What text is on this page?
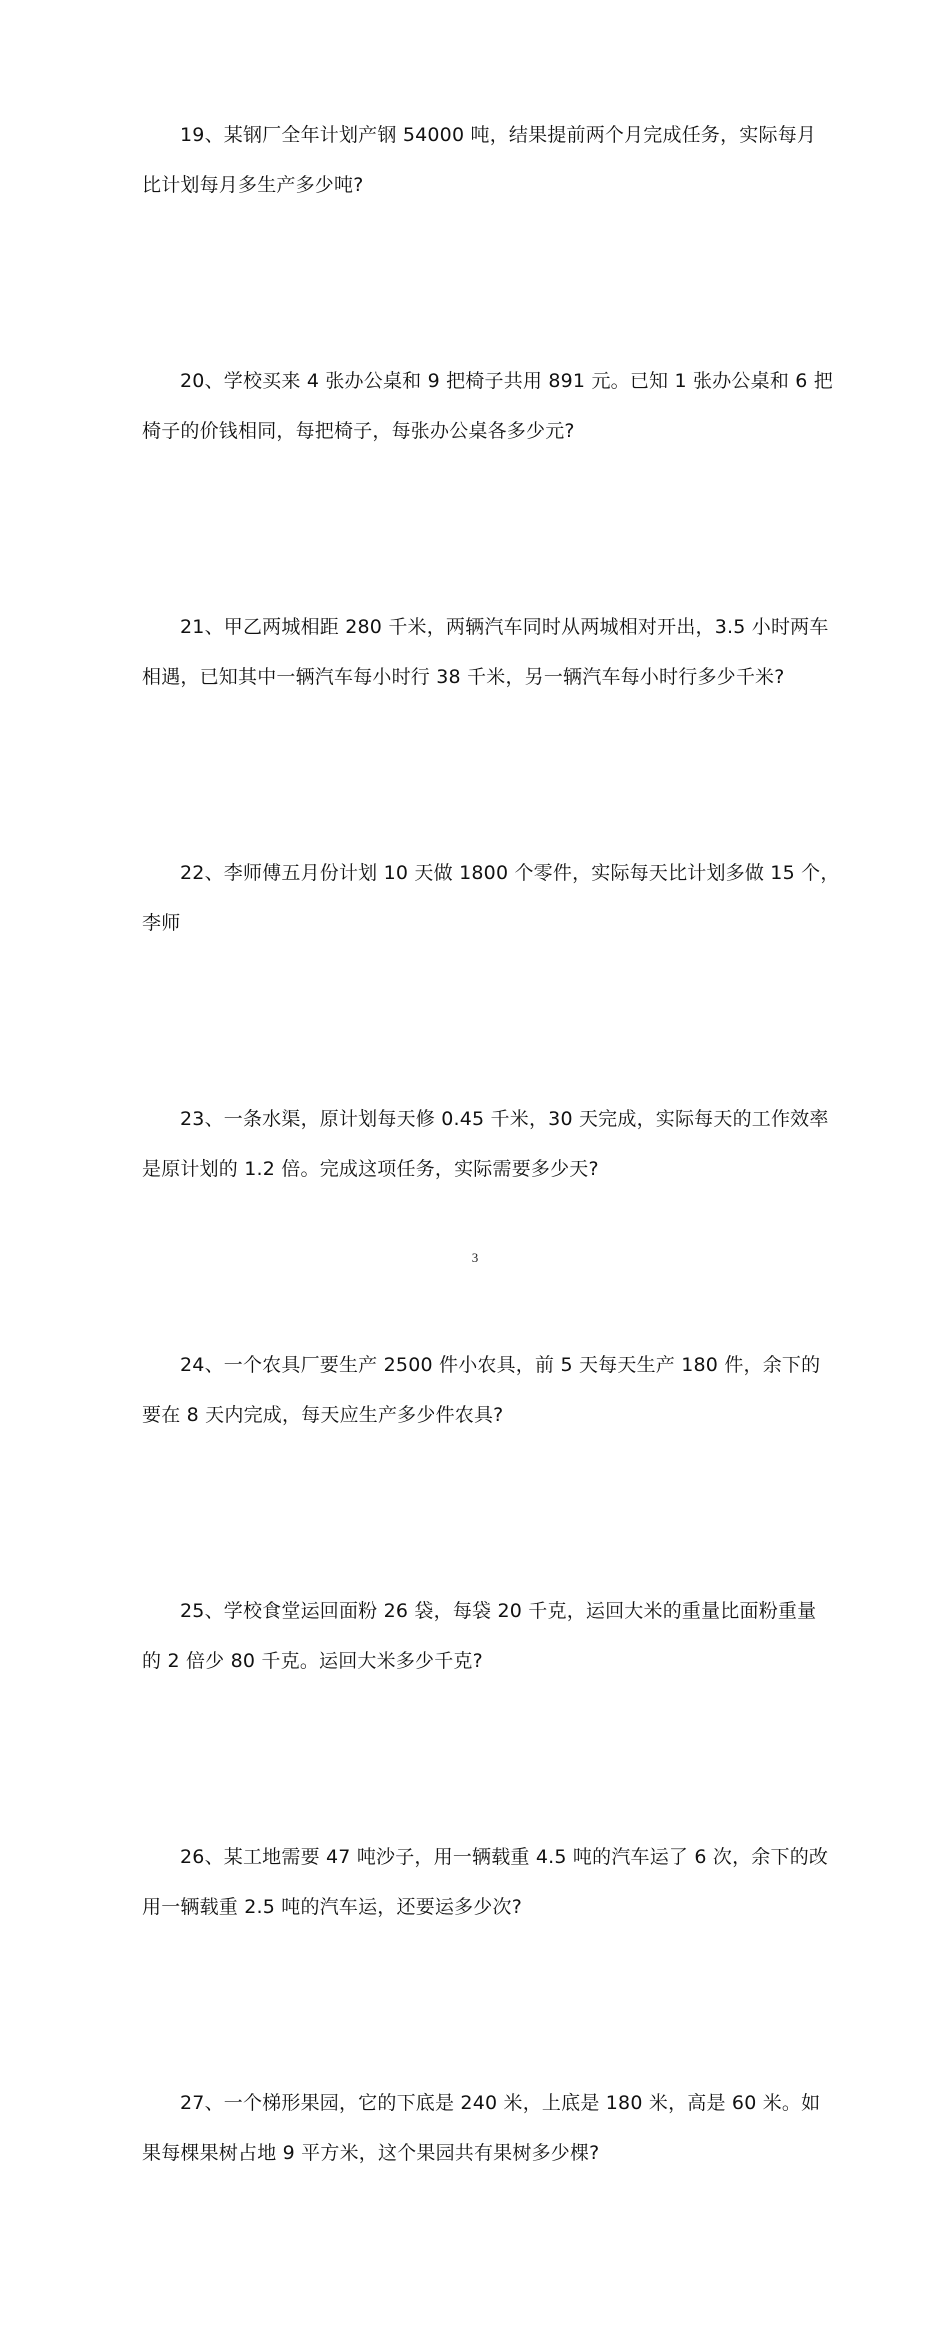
19、某钢厂全年计划产钢 54000 吨，结果提前两个月完成任务，实际每月
比计划每月多生产多少吨?
20、学校买来 4 张办公桌和 9 把椅子共用 891 元。已知 1 张办公桌和 6 把
椅子的价钱相同，每把椅子，每张办公桌各多少元?
21、甲乙两城相距 280 千米，两辆汽车同时从两城相对开出，3.5 小时两车
相遇，已知其中一辆汽车每小时行 38 千米，另一辆汽车每小时行多少千米?
22、李师傅五月份计划 10 天做 1800 个零件，实际每天比计划多做 15 个，
李师
23、一条水渠，原计划每天修 0.45 千米，30 天完成，实际每天的工作效率
是原计划的 1.2 倍。完成这项任务，实际需要多少天?
24、一个农具厂要生产 2500 件小农具，前 5 天每天生产 180 件，余下的
要在 8 天内完成，每天应生产多少件农具?
25、学校食堂运回面粉 26 袋，每袋 20 千克，运回大米的重量比面粉重量
的 2 倍少 80 千克。运回大米多少千克?
26、某工地需要 47 吨沙子，用一辆载重 4.5 吨的汽车运了 6 次，余下的改
用一辆载重 2.5 吨的汽车运，还要运多少次?
27、一个梯形果园，它的下底是 240 米，上底是 180 米，高是 60 米。如
果每棵果树占地 9 平方米，这个果园共有果树多少棵?
3
